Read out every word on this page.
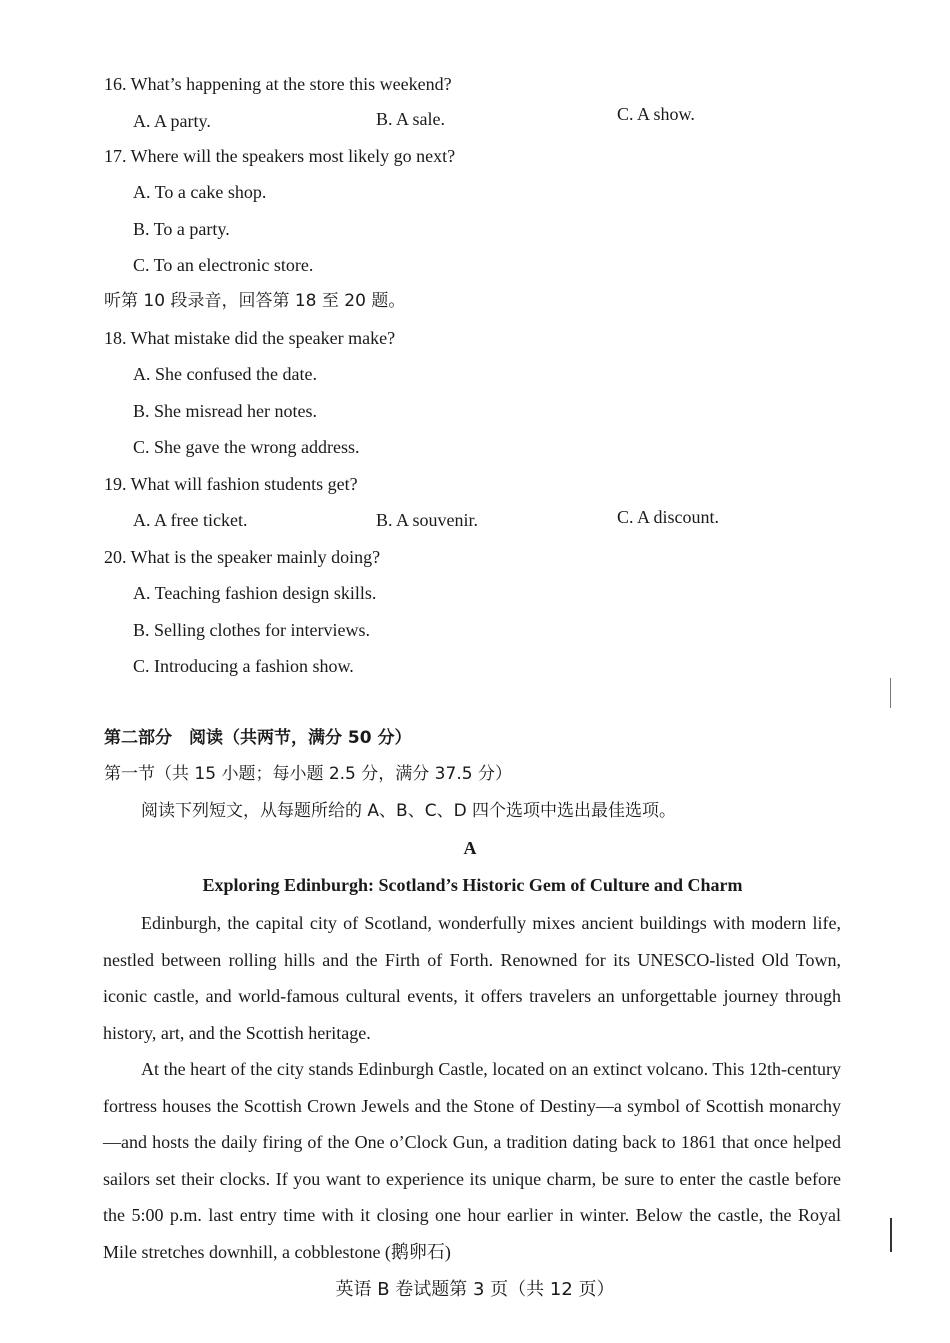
16. What’s happening at the store this weekend?
A. A party.	B. A sale.	C. A show.
17. Where will the speakers most likely go next?
A. To a cake shop.
B. To a party.
C. To an electronic store.
听第 10 段录音，回答第 18 至 20 题。
18. What mistake did the speaker make?
A. She confused the date.
B. She misread her notes.
C. She gave the wrong address.
19. What will fashion students get?
A. A free ticket.	B. A souvenir.	C. A discount.
20. What is the speaker mainly doing?
A. Teaching fashion design skills.
B. Selling clothes for interviews.
C. Introducing a fashion show.
第二部分　阅读（共两节，满分 50 分）
第一节（共 15 小题；每小题 2.5 分，满分 37.5 分）
阅读下列短文，从每题所给的 A、B、C、D 四个选项中选出最佳选项。
A
Exploring Edinburgh: Scotland’s Historic Gem of Culture and Charm
Edinburgh, the capital city of Scotland, wonderfully mixes ancient buildings with modern life, nestled between rolling hills and the Firth of Forth. Renowned for its UNESCO-listed Old Town, iconic castle, and world-famous cultural events, it offers travelers an unforgettable journey through history, art, and the Scottish heritage.
At the heart of the city stands Edinburgh Castle, located on an extinct volcano. This 12th-century fortress houses the Scottish Crown Jewels and the Stone of Destiny—a symbol of Scottish monarchy—and hosts the daily firing of the One o’Clock Gun, a tradition dating back to 1861 that once helped sailors set their clocks. If you want to experience its unique charm, be sure to enter the castle before the 5:00 p.m. last entry time with it closing one hour earlier in winter. Below the castle, the Royal Mile stretches downhill, a cobblestone (鹅卵石)
英语 B 卷试题第 3 页（共 12 页）
